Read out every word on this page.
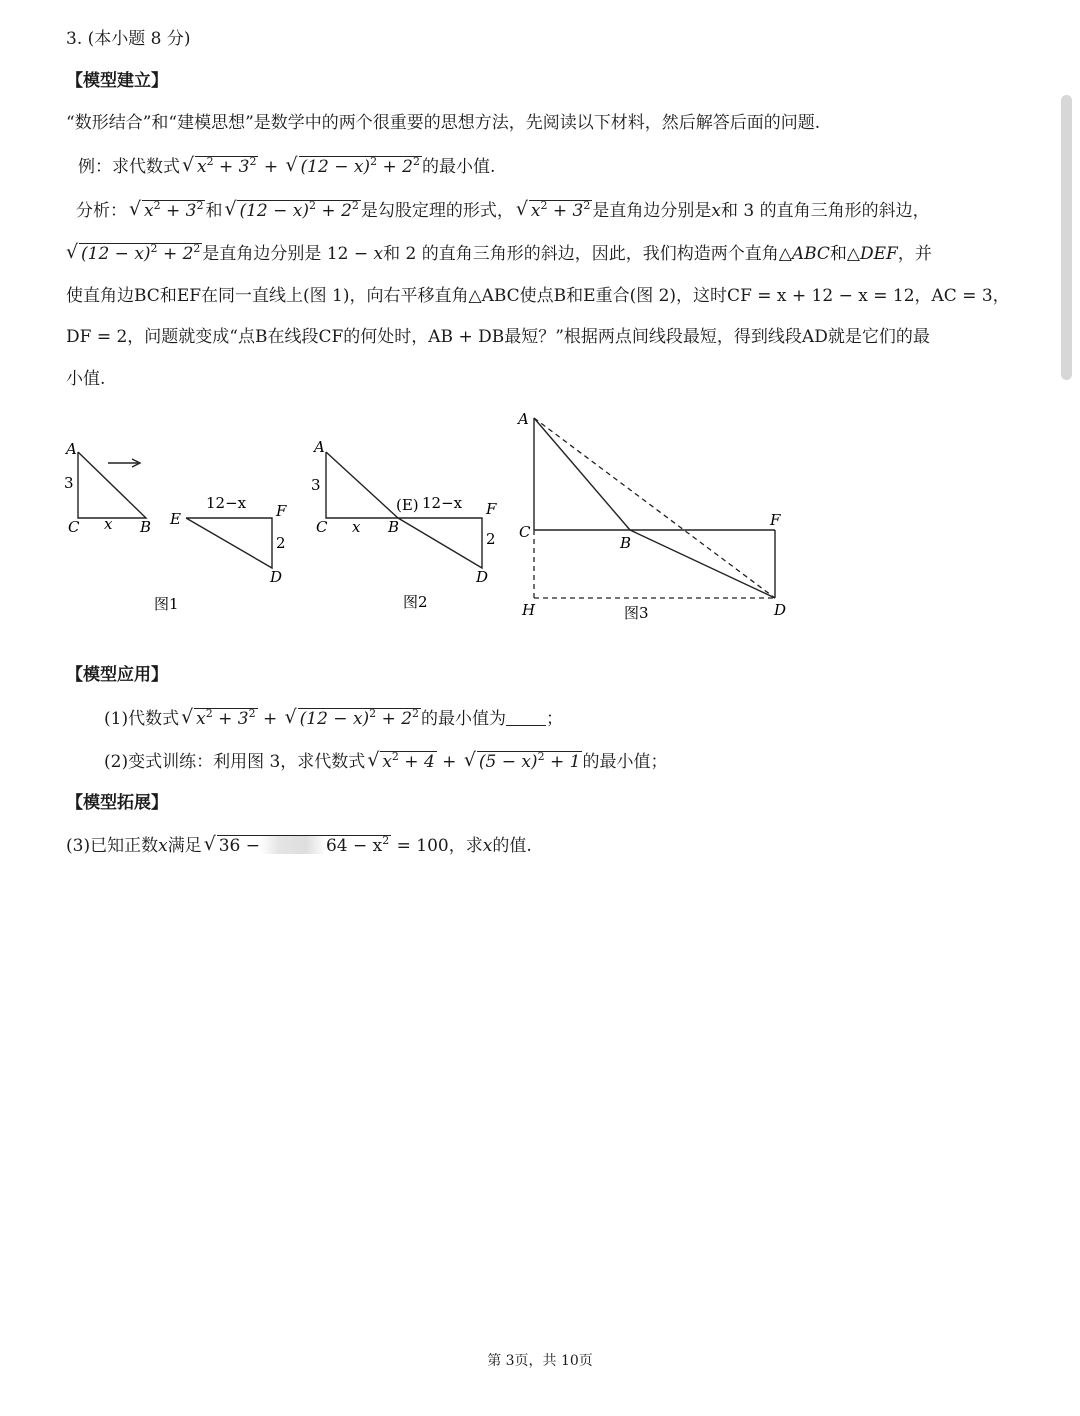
3. (本小题 8 分)
【模型建立】
“数形结合”和“建模思想”是数学中的两个很重要的思想方法，先阅读以下材料，然后解答后面的问题.
例：求代数式 √ $x^2 + 3^2$ + √ $(12 - x)^2 + 2^2$ 的最小值.
分析： √ $x^2 + 3^2$ 和 √ $(12 - x)^2 + 2^2$ 是勾股定理的形式， √ $x^2 + 3^2$ 是直角边分别是x和 3 的直角三角形的斜边，
√ $(12 - x)^2 + 2^2$ 是直角边分别是 12 − x和 2 的直角三角形的斜边，因此，我们构造两个直角△ABC和△DEF，并
使直角边BC和EF在同一直线上(图 1)，向右平移直角△ABC使点B和E重合(图 2)，这时CF = x + 12 − x = 12，AC = 3，
DF = 2，问题就变成“点B在线段CF的何处时，AB + DB最短？”根据两点间线段最短，得到线段AD就是它们的最
小值.
A
3
C x B E
12−x F
2
D
图1
A
3
C x B
(E) 12−x F
2
D
图2
A
C
B
F
H	D
图3
【模型应用】
(1)代数式 √ $x^2 + 3^2$ + √ $(12 - x)^2 + 2^2$ 的最小值为 ；
(2)变式训练：利用图 3，求代数式 √ $x^2 + 4$ + √ $(5 - x)^2 + 1$ 的最小值；
【模型拓展】
(3)已知正数x满足 √ 36 −	$64 - x^2 = 100$，求x的值.
第 3页，共 10页
